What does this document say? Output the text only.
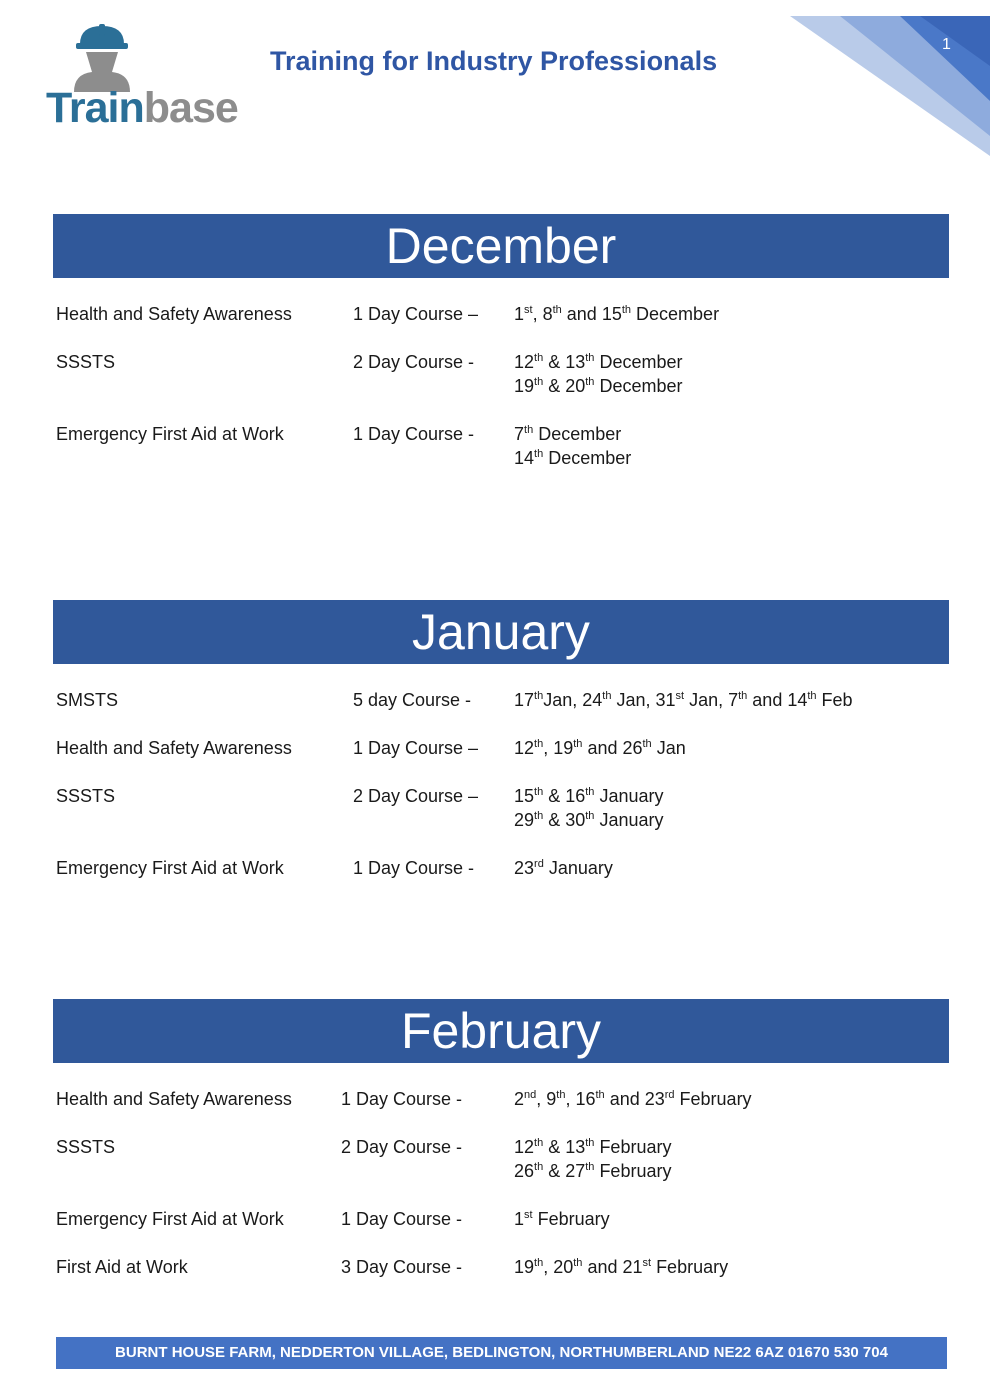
Trainbase
Training for Industry Professionals
1
December
Health and Safety Awareness	1 Day Course – 1st, 8th and 15th December
SSSTS	2 Day Course - 12th & 13th December
19th & 20th December
Emergency First Aid at Work	1 Day Course - 7th December
14th December
January
SMSTS	5 day Course - 17thJan, 24th Jan, 31st Jan, 7th and 14th Feb
Health and Safety Awareness	1 Day Course – 12th, 19th and 26th Jan
SSSTS	2 Day Course – 15th & 16th January
29th & 30th January
Emergency First Aid at Work	1 Day Course - 23rd January
February
Health and Safety Awareness	1 Day Course -	2nd, 9th, 16th and 23rd February
SSSTS	2 Day Course -	12th & 13th February
26th & 27th February
Emergency First Aid at Work	1 Day Course -	1st February
First Aid at Work	3 Day Course -	19th, 20th and 21st February
BURNT HOUSE FARM, NEDDERTON VILLAGE, BEDLINGTON, NORTHUMBERLAND NE22 6AZ 01670 530 704
